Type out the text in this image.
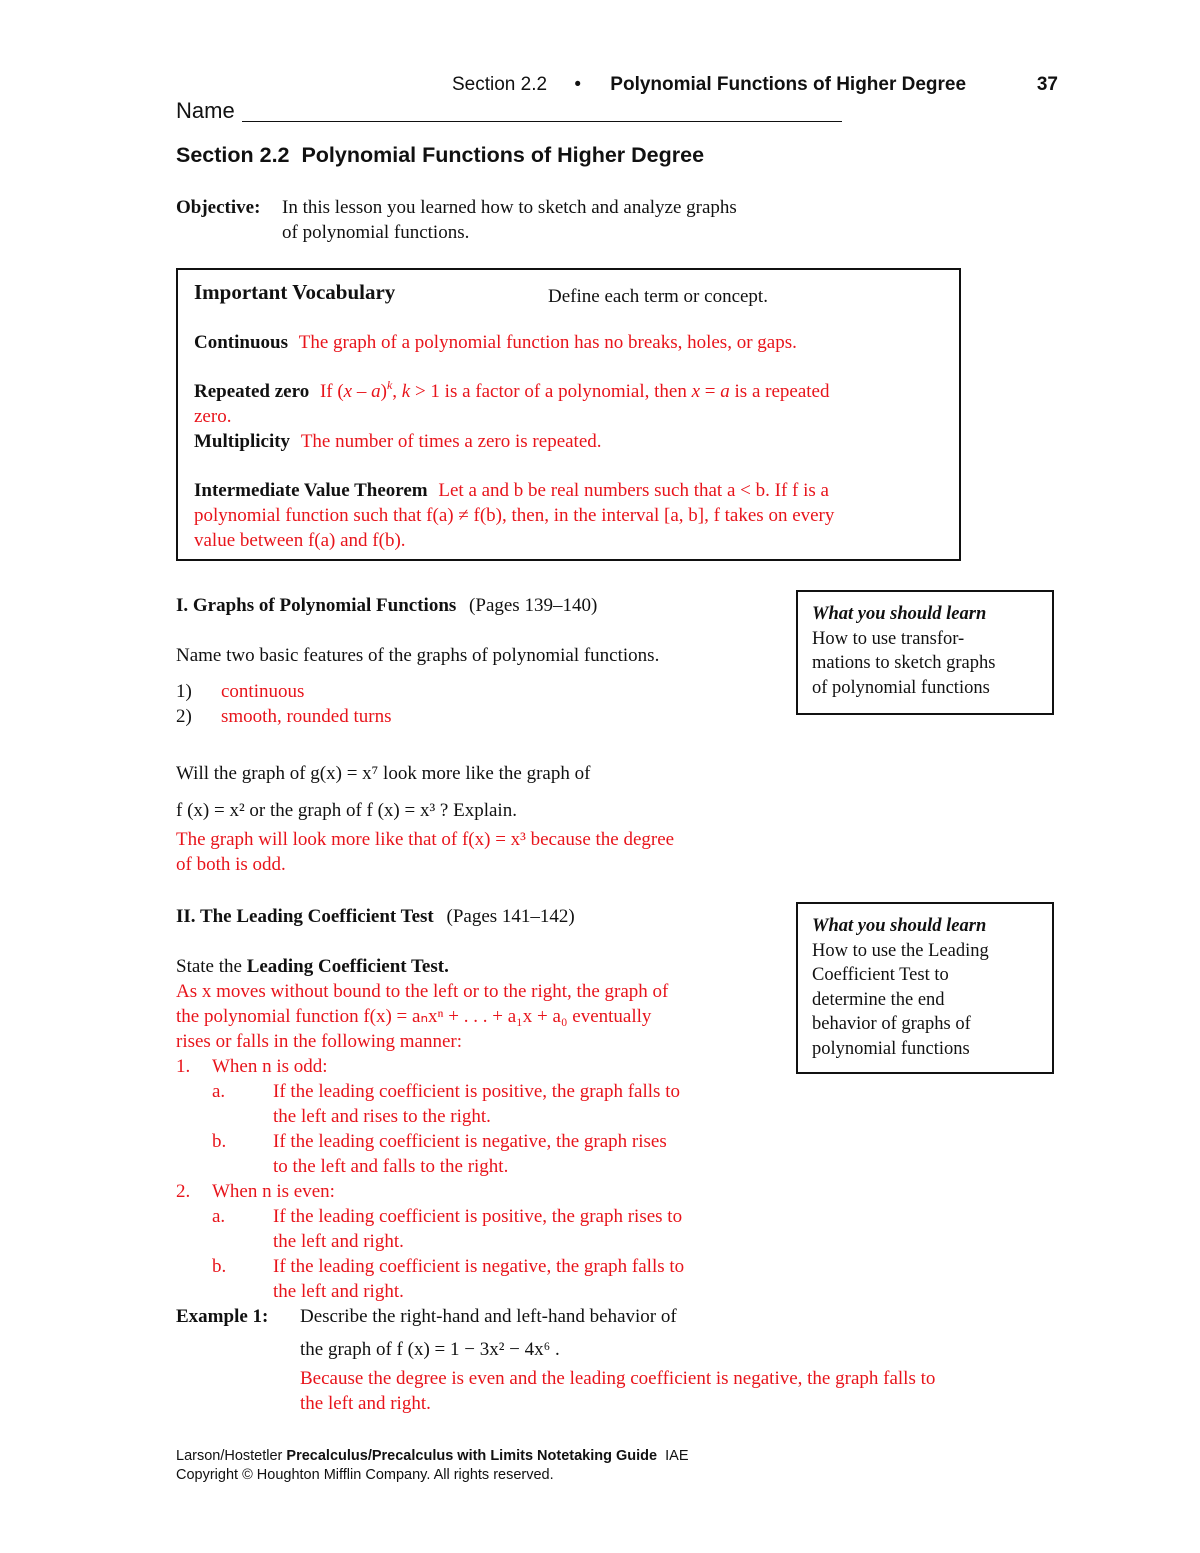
Section 2.2 • Polynomial Functions of Higher Degree	37
Name
Section 2.2  Polynomial Functions of Higher Degree
Objective: In this lesson you learned how to sketch and analyze graphs
of polynomial functions.
Important Vocabulary	Define each term or concept.

Continuous The graph of a polynomial function has no breaks, holes, or gaps.

Repeated zero If (x – a)$^k$, k > 1 is a factor of a polynomial, then x = a is a repeated

zero.

Multiplicity The number of times a zero is repeated.

Intermediate Value Theorem Let a and b be real numbers such that a < b. If f is a

polynomial function such that f(a) ≠ f(b), then, in the interval [a, b], f takes on every

value between f(a) and f(b).

I. Graphs of Polynomial Functions (Pages 139–140)
Name two basic features of the graphs of polynomial functions.
1) continuous
2) smooth, rounded turns
Will the graph of g(x) = x⁷ look more like the graph of
f (x) = x² or the graph of f (x) = x³ ? Explain.
The graph will look more like that of f(x) = x³ because the degree
of both is odd.
What you should learn
How to use transfor-
mations to sketch graphs
of polynomial functions
II. The Leading Coefficient Test (Pages 141–142)
State the Leading Coefficient Test.
As x moves without bound to the left or to the right, the graph of
the polynomial function f(x) = aₙxⁿ + . . . + a₁x + a₀ eventually
rises or falls in the following manner:
1. When n is odd:
a.	If the leading coefficient is positive, the graph falls to
the left and rises to the right.
b. If the leading coefficient is negative, the graph rises
to the left and falls to the right.
2. When n is even:
a.	If the leading coefficient is positive, the graph rises to
the left and right.
b. If the leading coefficient is negative, the graph falls to
the left and right.
Example 1: Describe the right-hand and left-hand behavior of
the graph of f (x) = 1 − 3x² − 4x⁶ .
Because the degree is even and the leading coefficient is negative, the graph falls to
the left and right.
What you should learn
How to use the Leading
Coefficient Test to
determine the end
behavior of graphs of
polynomial functions
Larson/Hostetler Precalculus/Precalculus with Limits Notetaking Guide  IAE
Copyright © Houghton Mifflin Company. All rights reserved.
